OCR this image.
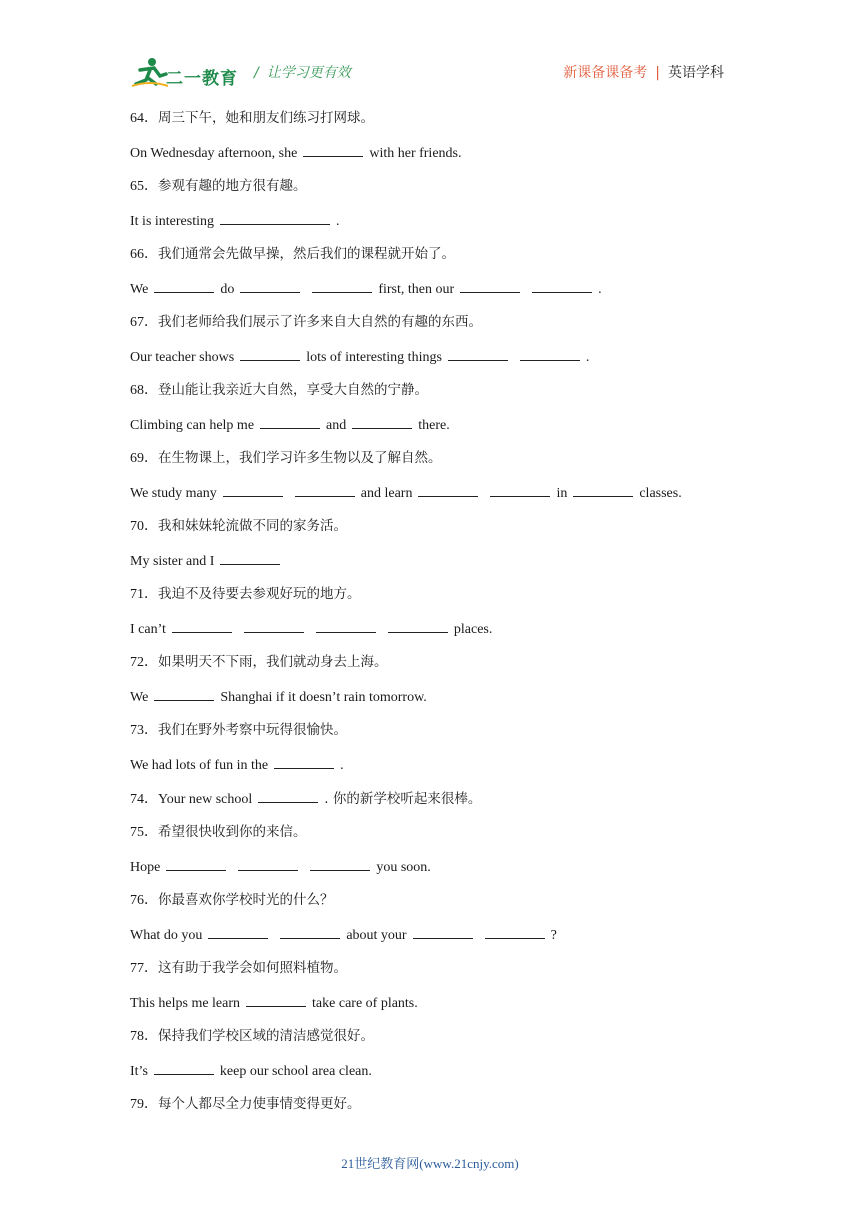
二一教育 / 让学习更有效	新课备课备考 | 英语学科
64．周三下午，她和朋友们练习打网球。
On Wednesday afternoon, she	with her friends.
65．参观有趣的地方很有趣。
It is interesting	.
66．我们通常会先做早操，然后我们的课程就开始了。
We	do	first, then our	.
67．我们老师给我们展示了许多来自大自然的有趣的东西。
Our teacher shows	lots of interesting things	.
68．登山能让我亲近大自然，享受大自然的宁静。
Climbing can help me	and	there.
69．在生物课上，我们学习许多生物以及了解自然。
We study many	and learn	in	classes.
70．我和妹妹轮流做不同的家务活。
My sister and I
71．我迫不及待要去参观好玩的地方。
I can’t	places.
72．如果明天不下雨，我们就动身去上海。
We	Shanghai if it doesn’t rain tomorrow.
73．我们在野外考察中玩得很愉快。
We had lots of fun in the	.
74．Your new school	. 你的新学校听起来很棒。
75．希望很快收到你的来信。
Hope	you soon.
76．你最喜欢你学校时光的什么？
What do you	about your	?
77．这有助于我学会如何照料植物。
This helps me learn	take care of plants.
78．保持我们学校区域的清洁感觉很好。
It’s	keep our school area clean.
79．每个人都尽全力使事情变得更好。
21世纪教育网(www.21cnjy.com)
